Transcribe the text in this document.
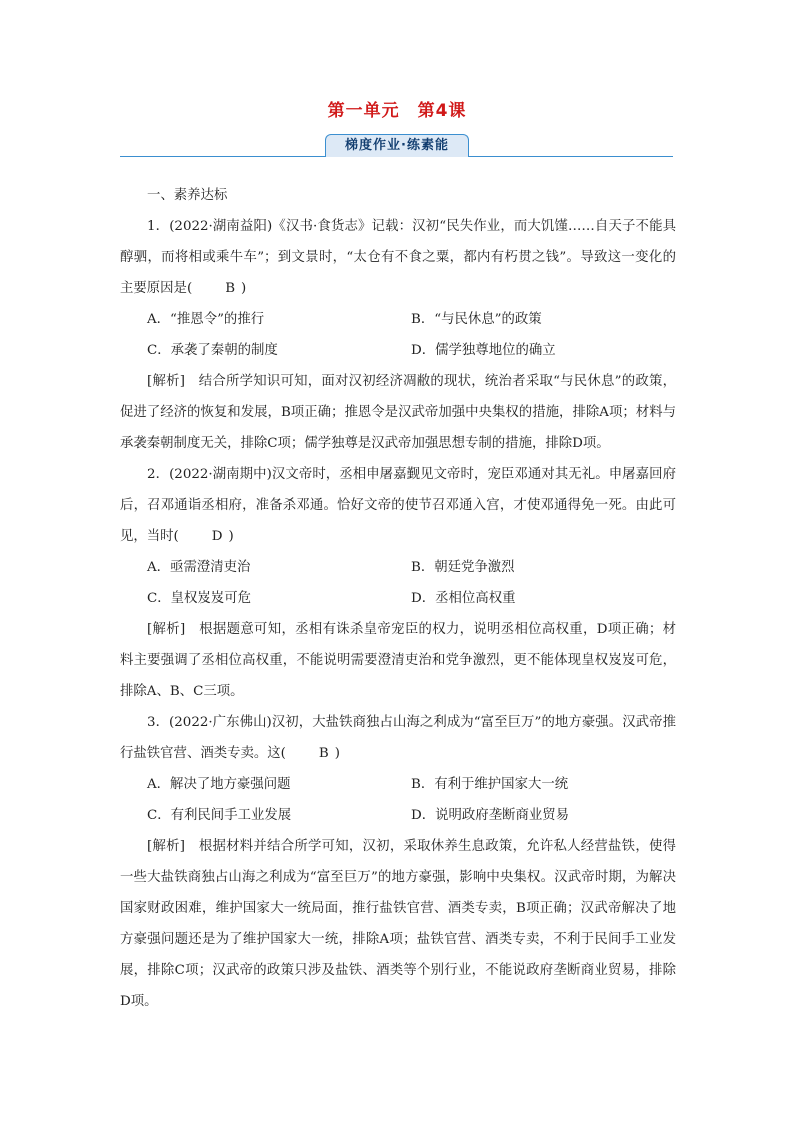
第一单元　第4课
梯度作业·练素能

一、素养达标

1．(2022·湖南益阳)《汉书·食货志》记载：汉初“民失作业，而大饥馑……自天子不能具醇驷，而将相或乘牛车”；到文景时，“太仓有不食之粟，都内有朽贯之钱”。导致这一变化的主要原因是( B )

A．“推恩令”的推行	B．“与民休息”的政策
C．承袭了秦朝的制度	D．儒学独尊地位的确立

[解析]　结合所学知识可知，面对汉初经济凋敝的现状，统治者采取“与民休息”的政策，促进了经济的恢复和发展，B项正确；推恩令是汉武帝加强中央集权的措施，排除A项；材料与承袭秦朝制度无关，排除C项；儒学独尊是汉武帝加强思想专制的措施，排除D项。

2．(2022·湖南期中)汉文帝时，丞相申屠嘉觐见文帝时，宠臣邓通对其无礼。申屠嘉回府后，召邓通诣丞相府，准备杀邓通。恰好文帝的使节召邓通入宫，才使邓通得免一死。由此可见，当时( D )

A．亟需澄清吏治	B．朝廷党争激烈
C．皇权岌岌可危	D．丞相位高权重

[解析]　根据题意可知，丞相有诛杀皇帝宠臣的权力，说明丞相位高权重，D项正确；材料主要强调了丞相位高权重，不能说明需要澄清吏治和党争激烈，更不能体现皇权岌岌可危，排除A、B、C三项。

3．(2022·广东佛山)汉初，大盐铁商独占山海之利成为“富至巨万”的地方豪强。汉武帝推行盐铁官营、酒类专卖。这( B )

A．解决了地方豪强问题	B．有利于维护国家大一统
C．有利民间手工业发展	D．说明政府垄断商业贸易

[解析]　根据材料并结合所学可知，汉初，采取休养生息政策，允许私人经营盐铁，使得一些大盐铁商独占山海之利成为“富至巨万”的地方豪强，影响中央集权。汉武帝时期，为解决国家财政困难，维护国家大一统局面，推行盐铁官营、酒类专卖，B项正确；汉武帝解决了地方豪强问题还是为了维护国家大一统，排除A项；盐铁官营、酒类专卖，不利于民间手工业发展，排除C项；汉武帝的政策只涉及盐铁、酒类等个别行业，不能说政府垄断商业贸易，排除D项。
